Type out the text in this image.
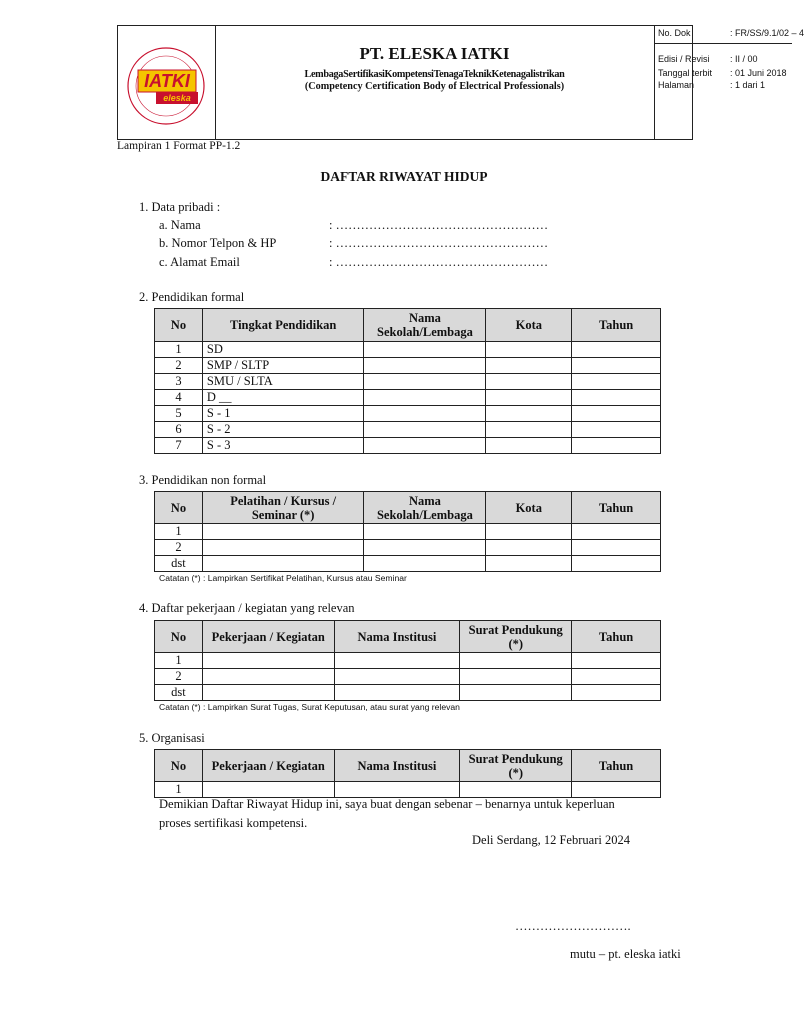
IATKI
eleska
PT. ELESKA IATKI
LembagaSertifikasiKompetensiTenagaTeknikKetenagalistrikan
(Competency Certification Body of Electrical Professionals)
No. Dok	: FR/SS/9.1/02 – 4
Edisi / Revisi : II / 00
Tanggal terbit : 01 Juni 2018
Halaman	: 1 dari 1
Lampiran 1 Format PP-1.2
DAFTAR RIWAYAT HIDUP
1. Data pribadi :
a. Nama	: ……………………………………………
b. Nomor Telpon & HP	: ……………………………………………
c. Alamat Email	: ……………………………………………
2. Pendidikan formal
No	Tingkat Pendidikan	Nama Sekolah/Lembaga	Kota	Tahun
1	SD			
2	SMP / SLTP			
3	SMU / SLTA			
4	D __			
5	S - 1			
6	S - 2			
7	S - 3			
3. Pendidikan non formal
No	Pelatihan / Kursus / Seminar (*)	Nama Sekolah/Lembaga	Kota	Tahun
1				
2				
dst				
Catatan (*) : Lampirkan Sertifikat Pelatihan, Kursus atau Seminar
4. Daftar pekerjaan / kegiatan yang relevan
No	Pekerjaan / Kegiatan	Nama Institusi	Surat Pendukung (*)	Tahun
1				
2				
dst				
Catatan (*) : Lampirkan Surat Tugas, Surat Keputusan, atau surat yang relevan
5. Organisasi
No	Pekerjaan / Kegiatan	Nama Institusi	Surat Pendukung (*)	Tahun
1				
Demikian Daftar Riwayat Hidup ini, saya buat dengan sebenar – benarnya untuk keperluan
proses sertifikasi kompetensi.
Deli Serdang, 12 Februari 2024
……………………….
mutu – pt. eleska iatki
